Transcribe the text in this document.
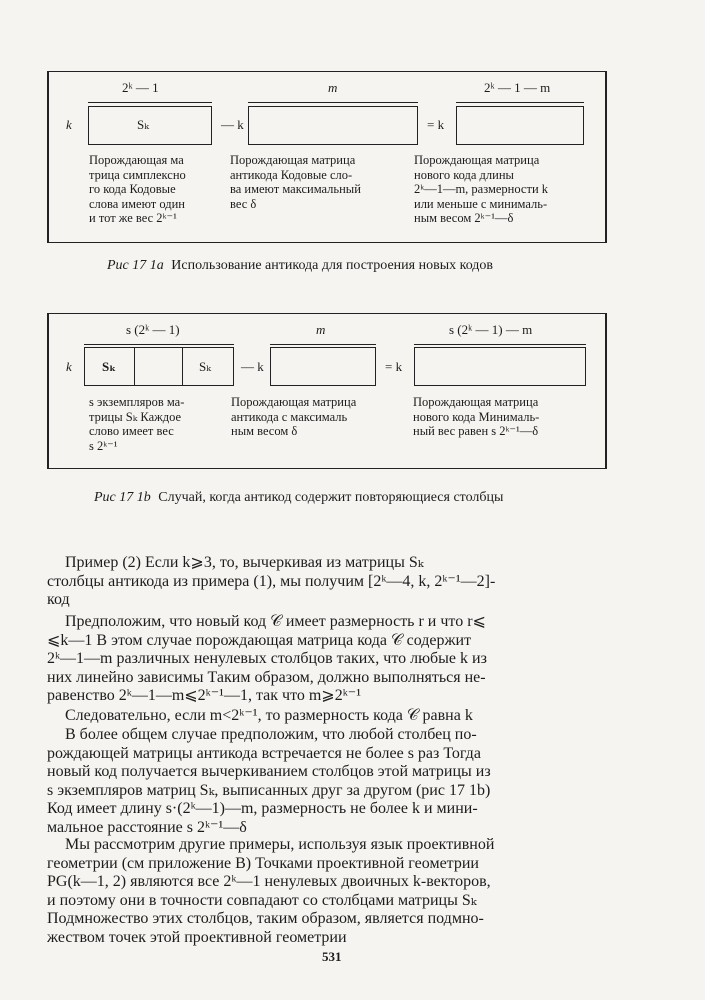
2ᵏ — 1	m	2ᵏ — 1 — m
k	Sₖ	— k	= k
Порождающая ма
трица симплексно
го кода Кодовые
слова имеют один
и тот же вес 2ᵏ⁻¹
Порождающая матрица
антикода Кодовые сло-
ва имеют максимальный
вес δ
Порождающая матрица
нового кода длины
2ᵏ—1—m, размерности k
или меньше с минималь-
ным весом 2ᵏ⁻¹—δ
Рис 17 1a Использование антикода для построения новых кодов
s (2ᵏ — 1)	m	s (2ᵏ — 1) — m
k Sₖ	Sₖ — k	= k
s экземпляров ма-
трицы Sₖ Каждое
слово имеет вес
s 2ᵏ⁻¹
Порождающая матрица
антикода с максималь
ным весом δ
Порождающая матрица
нового кода Минималь-
ный вес равен s 2ᵏ⁻¹—δ
Рис 17 1b Случай, когда антикод содержит повторяющиеся столбцы
Пример (2) Если k⩾3, то, вычеркивая из матрицы Sₖ
столбцы антикода из примера (1), мы получим [2ᵏ—4, k, 2ᵏ⁻¹—2]-
код
Предположим, что новый код 𝒞 имеет размерность r и что r⩽
⩽k—1 В этом случае порождающая матрица кода 𝒞 содержит
2ᵏ—1—m различных ненулевых столбцов таких, что любые k из
них линейно зависимы Таким образом, должно выполняться не-
равенство 2ᵏ—1—m⩽2ᵏ⁻¹—1, так что m⩾2ᵏ⁻¹
Следовательно, если m<2ᵏ⁻¹, то размерность кода 𝒞 равна k
В более общем случае предположим, что любой столбец по-
рождающей матрицы антикода встречается не более s раз Тогда
новый код получается вычеркиванием столбцов этой матрицы из
s экземпляров матриц Sₖ, выписанных друг за другом (рис 17 1b)
Код имеет длину s·(2ᵏ—1)—m, размерность не более k и мини-
мальное расстояние s 2ᵏ⁻¹—δ
Мы рассмотрим другие примеры, используя язык проективной
геометрии (см приложение В) Точками проективной геометрии
PG(k—1, 2) являются все 2ᵏ—1 ненулевых двоичных k-векторов,
и поэтому они в точности совпадают со столбцами матрицы Sₖ
Подмножество этих столбцов, таким образом, является подмно-
жеством точек этой проективной геометрии
531
